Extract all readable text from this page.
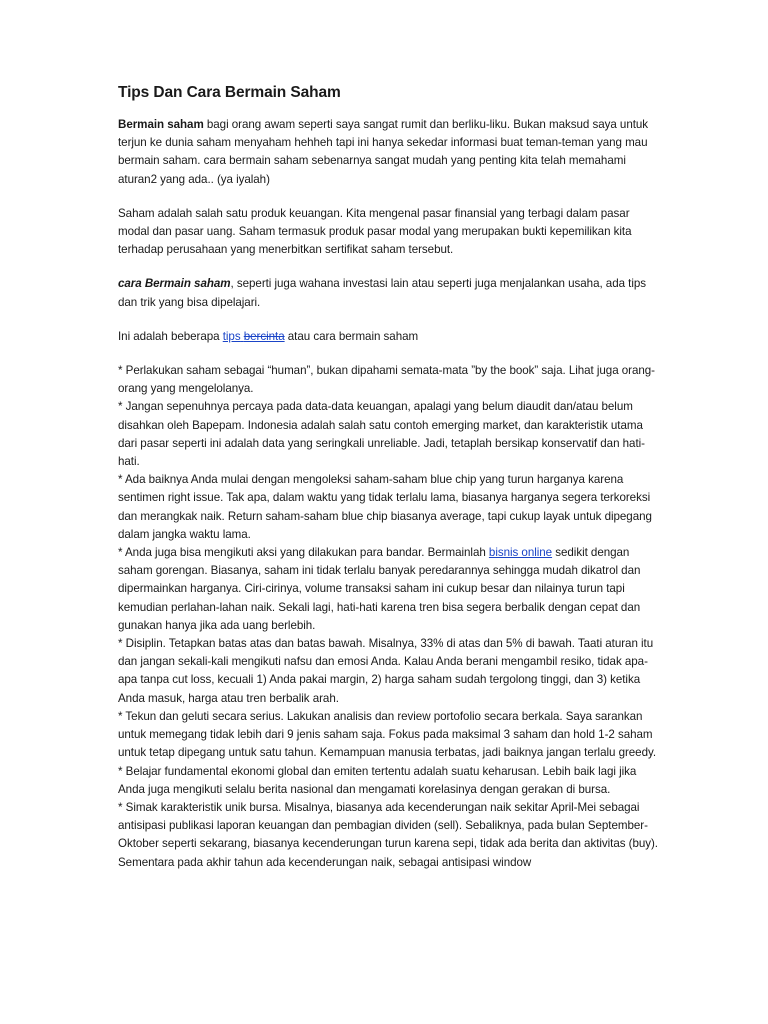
Tips Dan Cara Bermain Saham

Bermain saham bagi orang awam seperti saya sangat rumit dan berliku-liku. Bukan maksud saya untuk terjun ke dunia saham menyaham hehheh tapi ini hanya sekedar informasi buat teman-teman yang mau bermain saham. cara bermain saham sebenarnya sangat mudah yang penting kita telah memahami aturan2 yang ada.. (ya iyalah)

Saham adalah salah satu produk keuangan. Kita mengenal pasar finansial yang terbagi dalam pasar modal dan pasar uang. Saham termasuk produk pasar modal yang merupakan bukti kepemilikan kita terhadap perusahaan yang menerbitkan sertifikat saham tersebut.

cara Bermain saham, seperti juga wahana investasi lain atau seperti juga menjalankan usaha, ada tips dan trik yang bisa dipelajari.

Ini adalah beberapa tips bercinta atau cara bermain saham

* Perlakukan saham sebagai “human”, bukan dipahami semata-mata ”by the book” saja. Lihat juga orang-orang yang mengelolanya.

* Jangan sepenuhnya percaya pada data-data keuangan, apalagi yang belum diaudit dan/atau belum disahkan oleh Bapepam. Indonesia adalah salah satu contoh emerging market, dan karakteristik utama dari pasar seperti ini adalah data yang seringkali unreliable. Jadi, tetaplah bersikap konservatif dan hati-hati.

* Ada baiknya Anda mulai dengan mengoleksi saham-saham blue chip yang turun harganya karena sentimen right issue. Tak apa, dalam waktu yang tidak terlalu lama, biasanya harganya segera terkoreksi dan merangkak naik. Return saham-saham blue chip biasanya average, tapi cukup layak untuk dipegang dalam jangka waktu lama.

* Anda juga bisa mengikuti aksi yang dilakukan para bandar. Bermainlah bisnis online sedikit dengan saham gorengan. Biasanya, saham ini tidak terlalu banyak peredarannya sehingga mudah dikatrol dan dipermainkan harganya. Ciri-cirinya, volume transaksi saham ini cukup besar dan nilainya turun tapi kemudian perlahan-lahan naik. Sekali lagi, hati-hati karena tren bisa segera berbalik dengan cepat dan gunakan hanya jika ada uang berlebih.

* Disiplin. Tetapkan batas atas dan batas bawah. Misalnya, 33% di atas dan 5% di bawah. Taati aturan itu dan jangan sekali-kali mengikuti nafsu dan emosi Anda. Kalau Anda berani mengambil resiko, tidak apa-apa tanpa cut loss, kecuali 1) Anda pakai margin, 2) harga saham sudah tergolong tinggi, dan 3) ketika Anda masuk, harga atau tren berbalik arah.

* Tekun dan geluti secara serius. Lakukan analisis dan review portofolio secara berkala. Saya sarankan untuk memegang tidak lebih dari 9 jenis saham saja. Fokus pada maksimal 3 saham dan hold 1-2 saham untuk tetap dipegang untuk satu tahun. Kemampuan manusia terbatas, jadi baiknya jangan terlalu greedy.

* Belajar fundamental ekonomi global dan emiten tertentu adalah suatu keharusan. Lebih baik lagi jika Anda juga mengikuti selalu berita nasional dan mengamati korelasinya dengan gerakan di bursa.

* Simak karakteristik unik bursa. Misalnya, biasanya ada kecenderungan naik sekitar April-Mei sebagai antisipasi publikasi laporan keuangan dan pembagian dividen (sell). Sebaliknya, pada bulan September-Oktober seperti sekarang, biasanya kecenderungan turun karena sepi, tidak ada berita dan aktivitas (buy). Sementara pada akhir tahun ada kecenderungan naik, sebagai antisipasi window
